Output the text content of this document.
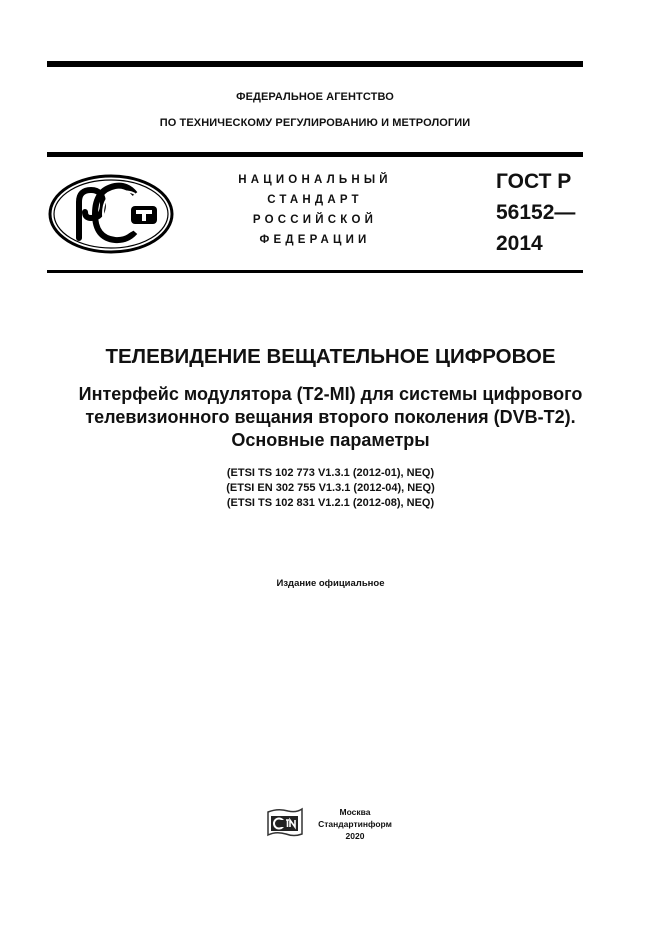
ФЕДЕРАЛЬНОЕ АГЕНТСТВО
ПО ТЕХНИЧЕСКОМУ РЕГУЛИРОВАНИЮ И МЕТРОЛОГИИ
НАЦИОНАЛЬНЫЙ
СТАНДАРТ
РОССИЙСКОЙ
ФЕДЕРАЦИИ
ГОСТ Р
56152—
2014
ТЕЛЕВИДЕНИЕ ВЕЩАТЕЛЬНОЕ ЦИФРОВОЕ
Интерфейс модулятора (T2-MI) для системы цифрового
телевизионного вещания второго поколения (DVB-T2).
Основные параметры
(ETSI TS 102 773 V1.3.1 (2012-01), NEQ)
(ETSI EN 302 755 V1.3.1 (2012-04), NEQ)
(ETSI TS 102 831 V1.2.1 (2012-08), NEQ)
Издание официальное
Москва
Стандартинформ
2020
